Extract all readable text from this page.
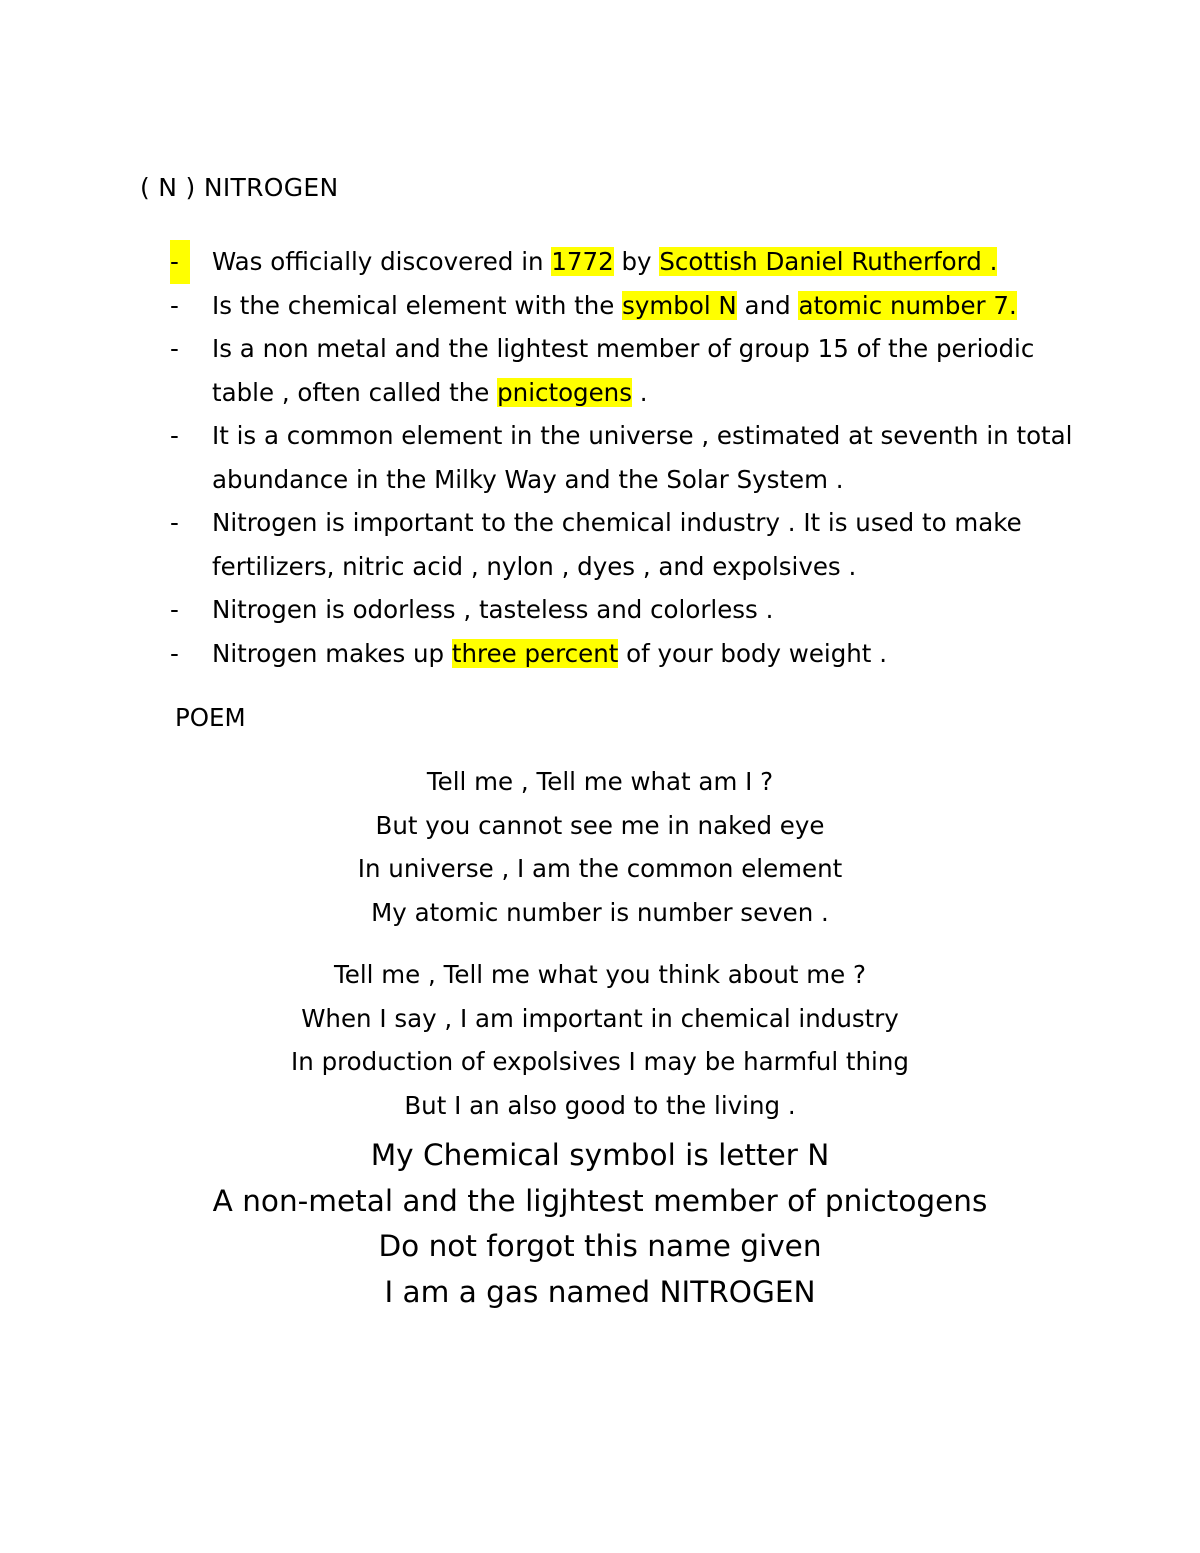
( N ) NITROGEN
-	Was officially discovered in 1772 by Scottish Daniel Rutherford .
-	Is the chemical element with the symbol N and atomic number 7.
-	Is a non metal and the lightest member of group 15 of the periodic table , often called the pnictogens .
-	It is a common element in the universe , estimated at seventh in total abundance in the Milky Way and the Solar System .
-	Nitrogen is important to the chemical industry . It is used to make fertilizers, nitric acid , nylon , dyes , and expolsives .
-	Nitrogen is odorless , tasteless and colorless .
-	Nitrogen makes up three percent of your body weight .
POEM
Tell me , Tell me what am I ?
But you cannot see me in naked eye
In universe , I am the common element
My atomic number is number seven .
Tell me , Tell me what you think about me ?
When I say , I am important in chemical industry
In production of expolsives I may be harmful thing
But I an also good to the living .
My Chemical symbol is letter N
A non-metal and the ligjhtest member of pnictogens
Do not forgot this name given
I am a gas named NITROGEN
